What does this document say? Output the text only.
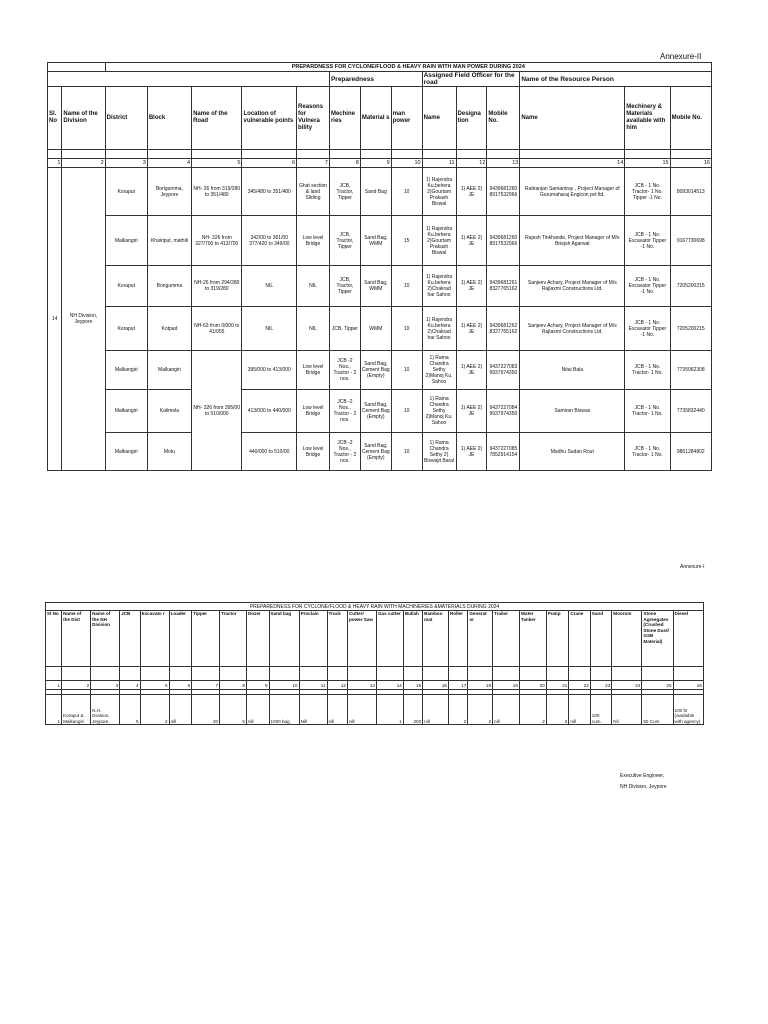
Annexure-II
		PREPARDNESS FOR CYCLONE/FLOOD & HEAVY RAIN WITH MAN POWER DURING 2024													
							Preparedness			Assigned Field Officer for the road			Name of the Resource Person		
Sl. No	Name of the Division	District	Block	Name of the Road	Location of vulnerable points	Reasons for Vulnera bility	Mechine ries	Material s	man power	Name	Designa tion	Mobile No.	Name	Mechinery & Materials available with him	Mobile No.

1	2	3	4	5	6	7	8	9	10	11	12	13	14	15	16
14	NH Division, Jeypore	Koraput	Borigumma, Jeypore	NH- 26 from 319/280 to 351/480	345/480 to 351/480	Ghat section & land Sliding	JCB, Tractor, Tipper	Sand Bag	10	1) Rajendra Ku.behera 2)Gourtam Prakash Biswal	1) AEE 2) JE	9439681260 8917532966	Ratiranjan Samantray , Project Manager of Gurumaharaj Engicon pvt ltd.	JCB - 1 No. Tractor- 1 No. Tipper -1 No.	8093014513
		Malkangiri	Khairiput, mathili	NH- 326 from 327/700 to 413/700	342/00 to 361/00 377/420 to 349/00	Low level Bridge	JCB, Tractor, Tipper	Sand Bag, WMM	15	1) Rajendra Ku.behera 2)Gourtam Prakash Biswal	1) AEE 2) JE	9439681260 8917532966	Rajesh Tinkhande, Project Manager of M/s Briejsh Agarwal	JCB - 1 No. Excavator Tipper -1 No.	9167730698
		Koraput	Borigumma	NH-26 from 294/280 to 319/280	NIL	NIL	JCB, Tractor, Tipper	Sand Bag, WMM	10	1) Rajendra Ku.behera 2)Chakrad har Sahoo	1) AEE 2) JE	9439681261 8327765162	Sanjeev Achary, Project Manager of M/s Rajlaxmi Constructions Ltd.	JCB - 1 No. Excavator Tipper -1 No.	7205200215
		Koraput	Kotpad	NH-63 from 0/000 to 41/055	NIL	NIL	JCB, Tipper	WMM	10	1) Rajendra Ku.behera 2)Chakrad har Sahoo	1) AEE 2) JE	9439681262 8327765162	Sanjeev Achary, Project Manager of M/s Rajlaxmi Constructions Ltd.	JCB - 1 No. Excavator Tipper -1 No.	7205200215
		Malkangiri	Malkangiri	NH- 326 from 395/00 to 510/000	395/000 to 413/000	Low level Bridge	JCB -2 Nos., Tractor - 2 nos.	Sand Bag, Cement Bag (Empty)	10	1) Rama Chandra Sethy 2)Manoj Ku. Sahoo	1) AEE 2) JE	9437227083 9937974350	Nitai Bala	JCB - 1 No. Tractor- 1 No.	7735062308
		Malkangiri	Kalimela		413/000 to 440/000	Low level Bridge	JCB -2 Nos., Tractor - 2 nos.	Sand Bag, Cement Bag (Empty)	10	1) Rama Chandra Sethy 2)Manoj Ku. Sahoo	1) AEE 2) JE	9437227084 9937974350	Samiran Biswas	JCB - 1 No. Tractor- 1 No.	7735832440
		Malkangiri	Motu		440/000 to 510/00	Low level Bridge	JCB -2 Nos., Tractor - 2 nos.	Sand Bag, Cement Bag (Empty)	10	1) Rama Chandra Sethy 2) Biswajit Baral	1) AEE 2) JE	9437227085 7852914154	Madhu Sudan Rout	JCB - 1 No. Tractor- 1 No.	9861284802
Annexure-I
PREPAREDNESS FOR CYCLONE/FLOOD & HEAVY RAIN WITH MACHINERIES &MATERIALS DURING 2024																									
Sl No	Name of the Dist	Name of the NH Division	JCB	Excavato r	Loader	Tipper	Tractor	Dozer	Sand bag	Proclain	Truck	Cutter/ power Saw	Gas cutter	Bullah	Bamboo mat	Roller	Generat or	Trailor	Water Tanker	Pump	Crane	Sand	Moorum	Stone Agreegates (Crushed Stone Dust/ GSB Material)	Diesel

1	2	3	4	5	6	7	8	9	10	11	12	13	14	15	16	17	18	19	20	21	22	23	24	25	26

1	Koraput & Malkangiri	N.H. Division, Jeypore.	5	2	nill	20	5	nill	1000 bag	Nill	nill	nill	1	200	nill	2	2	nill	2	2	nill	100 cum.	Nil	50 Cum	100 ltr (available with agency)
Executive Engineer,
NH Division, Jeypore
